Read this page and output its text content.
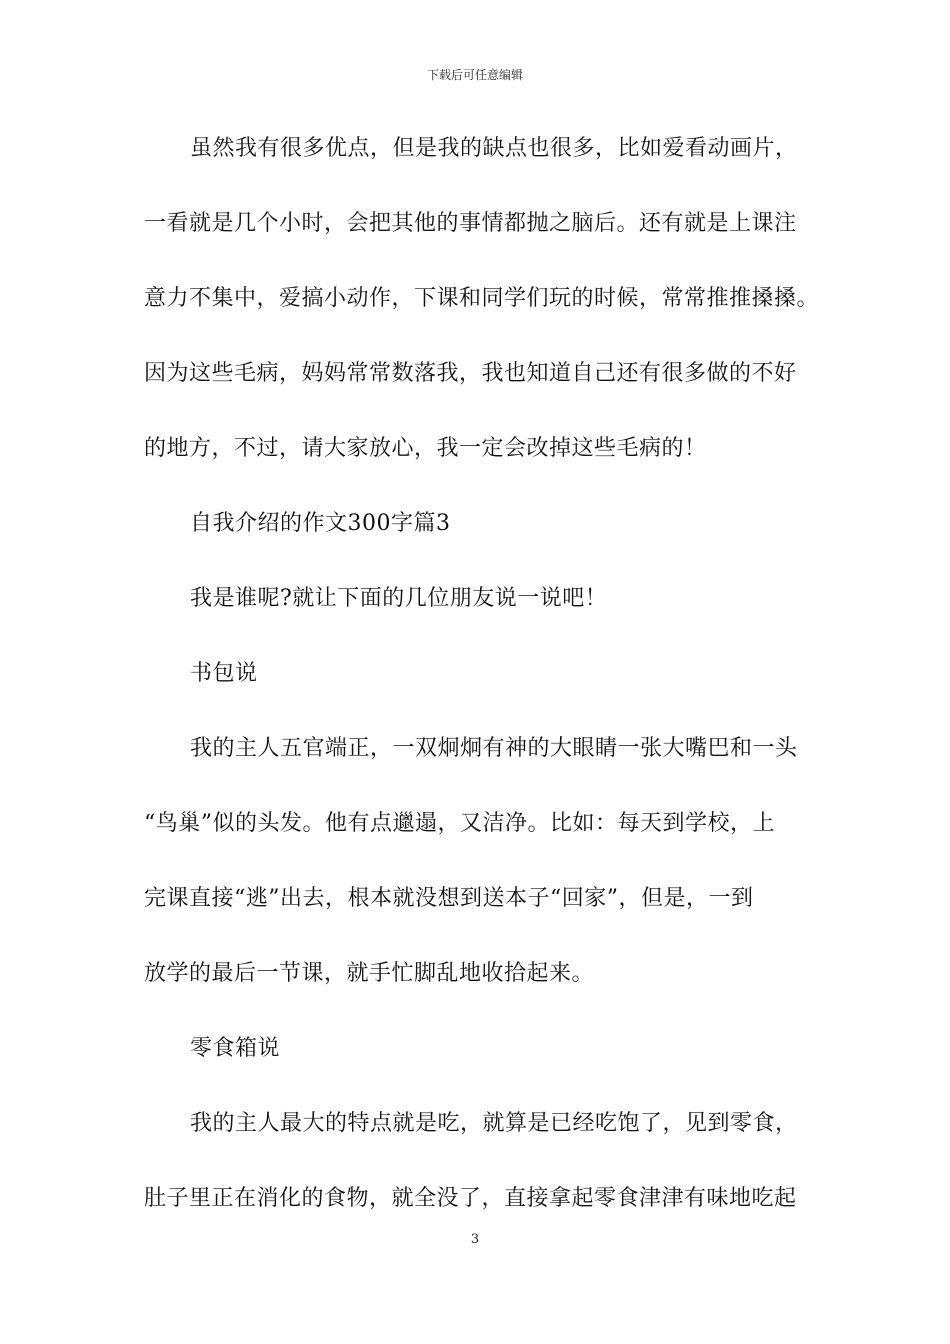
下载后可任意编辑
虽然我有很多优点，但是我的缺点也很多，比如爱看动画片，
一看就是几个小时，会把其他的事情都抛之脑后。还有就是上课注
意力不集中，爱搞小动作，下课和同学们玩的时候，常常推推搡搡。
因为这些毛病，妈妈常常数落我，我也知道自己还有很多做的不好
的地方，不过，请大家放心，我一定会改掉这些毛病的！
自我介绍的作文300字篇3
我是谁呢?就让下面的几位朋友说一说吧！
书包说
我的主人五官端正，一双炯炯有神的大眼睛一张大嘴巴和一头
“鸟巢”似的头发。他有点邋遢，又洁净。比如：每天到学校，上
完课直接“逃”出去，根本就没想到送本子“回家”，但是，一到
放学的最后一节课，就手忙脚乱地收拾起来。
零食箱说
我的主人最大的特点就是吃，就算是已经吃饱了，见到零食，
肚子里正在消化的食物，就全没了，直接拿起零食津津有味地吃起
3
